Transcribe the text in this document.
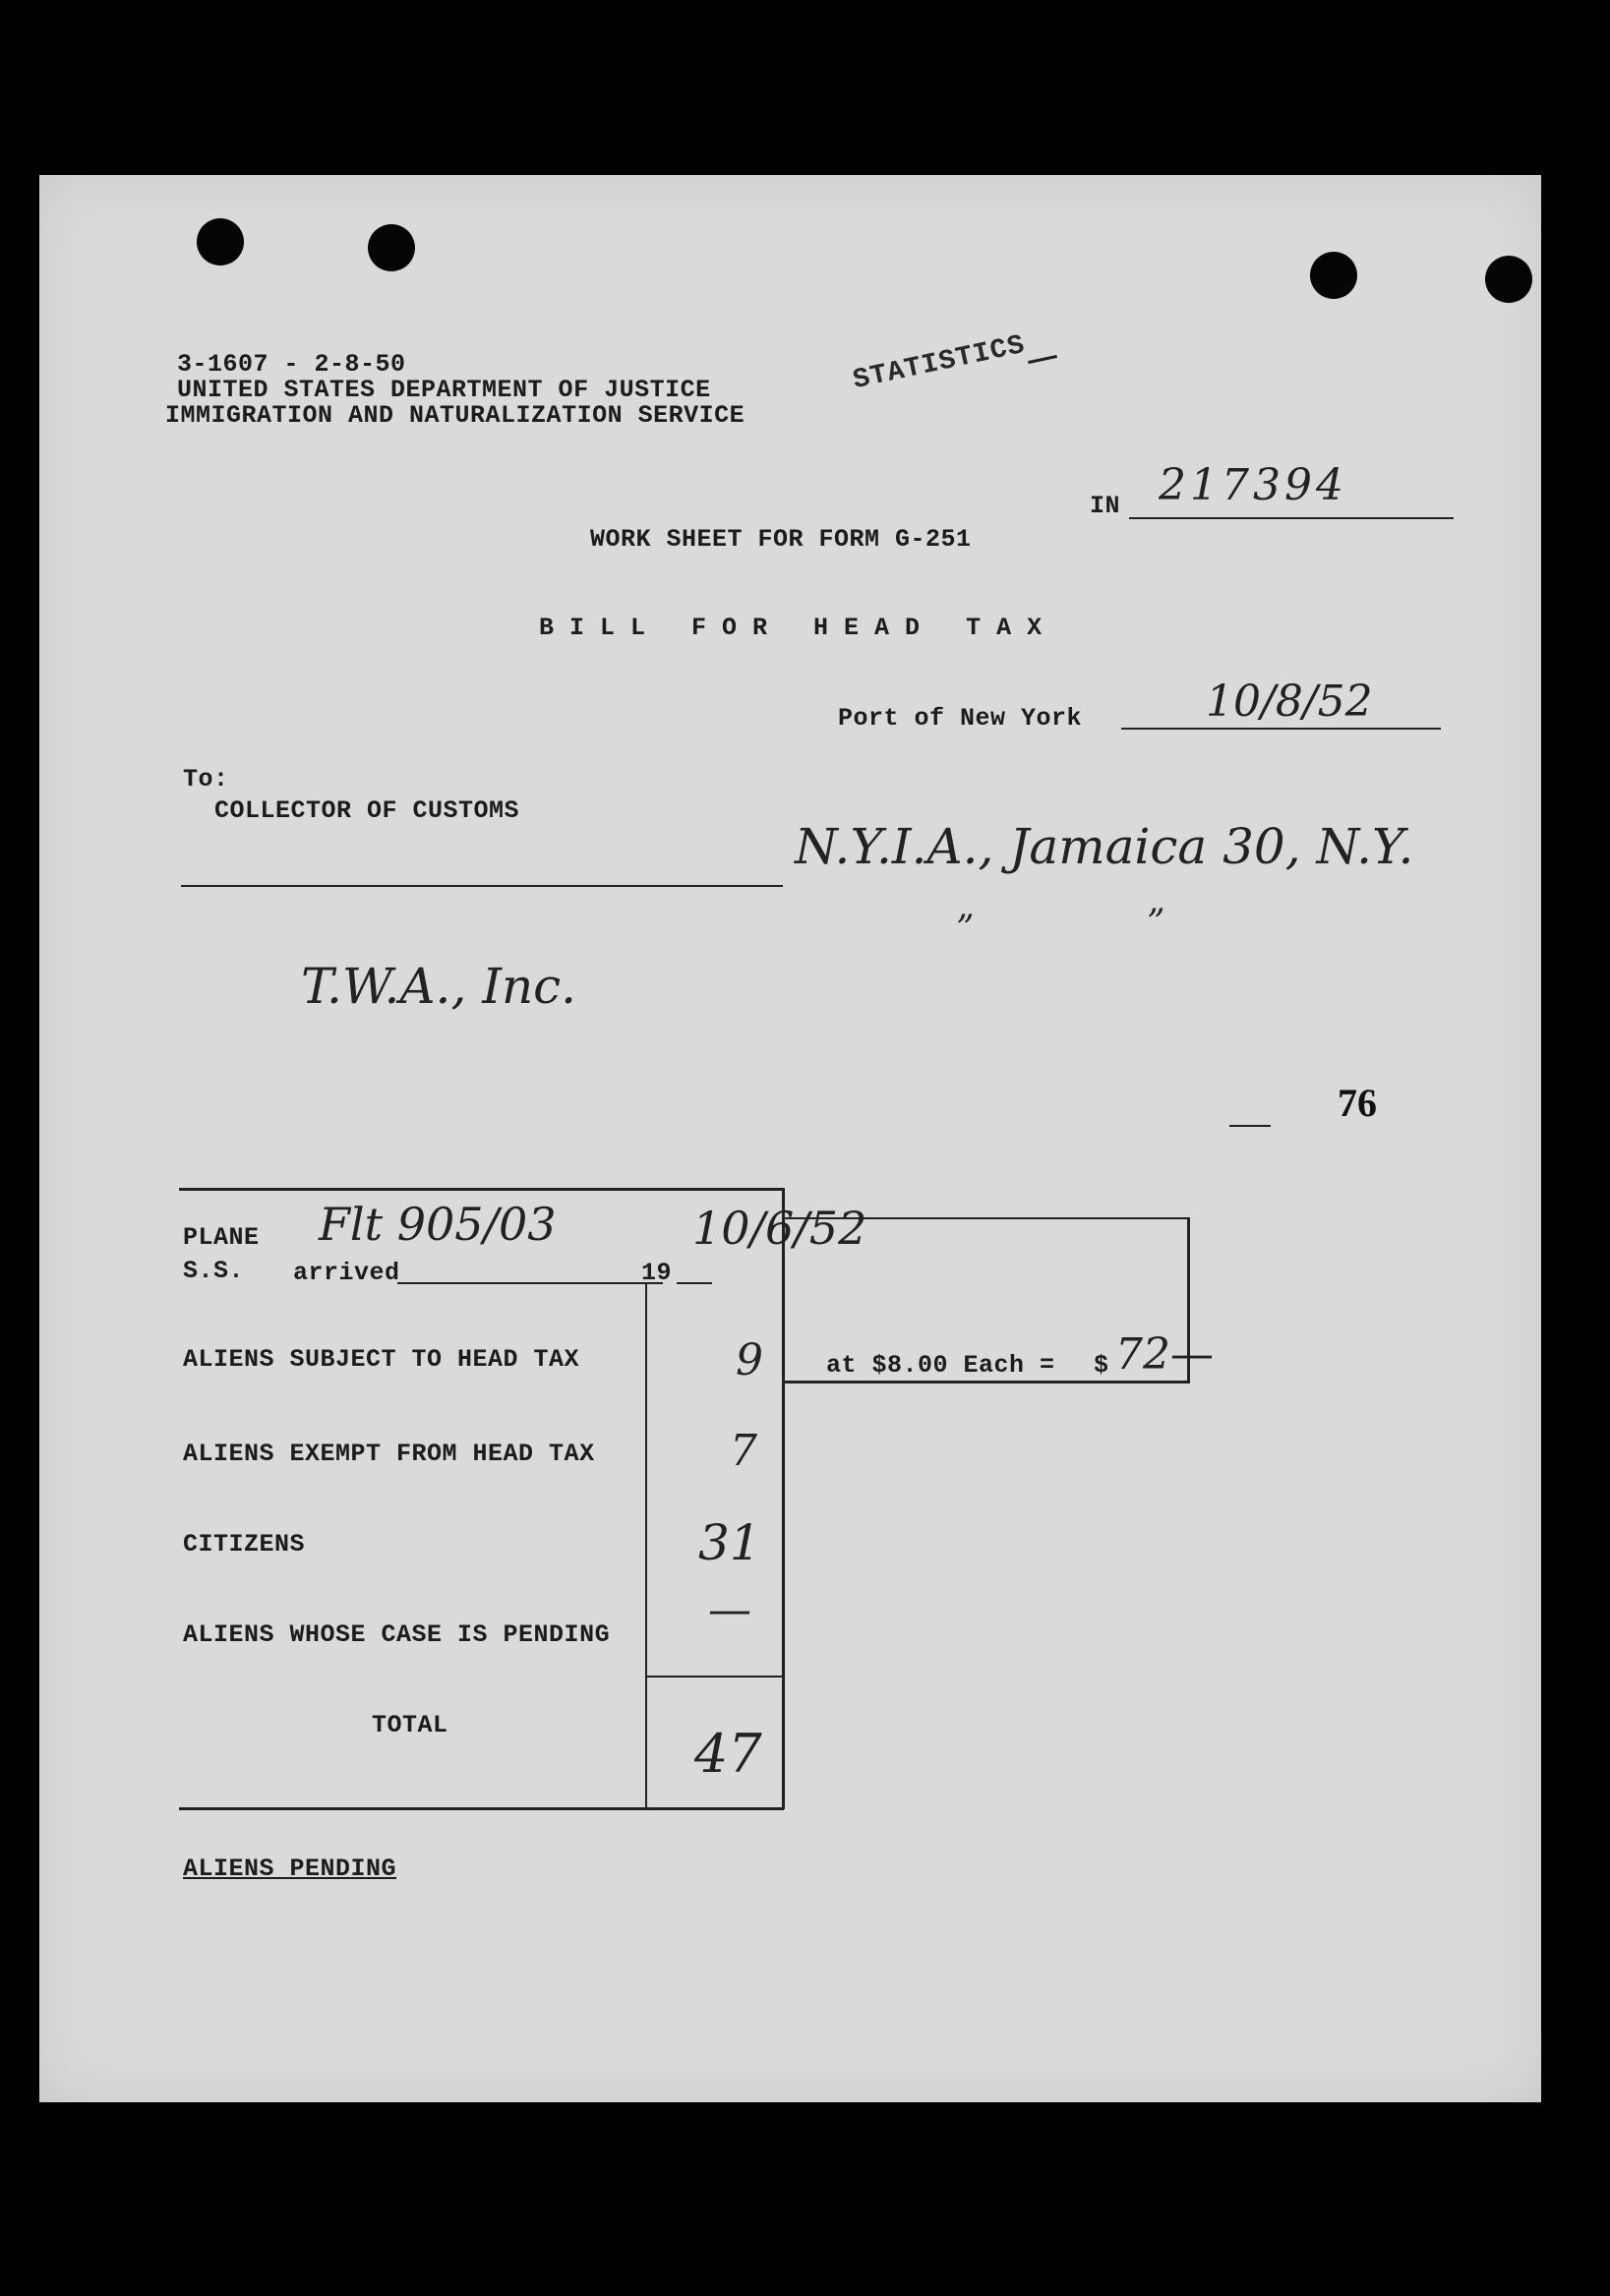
3-1607 - 2-8-50
UNITED STATES DEPARTMENT OF JUSTICE
IMMIGRATION AND NATURALIZATION SERVICE
STATISTICS
IN 217394
WORK SHEET FOR FORM G-251
B I L L   F O R   H E A D   T A X
Port of New York	10/8/52
To:
COLLECTOR OF CUSTOMS
N.Y.I.A., Jamaica 30, N.Y.
”	”
T.W.A., Inc.
76
PLANE
S.S. arrived	19
Flt 905/03	10/6/52
ALIENS SUBJECT TO HEAD TAX	9
ALIENS EXEMPT FROM HEAD TAX	7
CITIZENS	31
ALIENS WHOSE CASE IS PENDING —
TOTAL	47
at $8.00 Each = $ 72—
ALIENS PENDING
